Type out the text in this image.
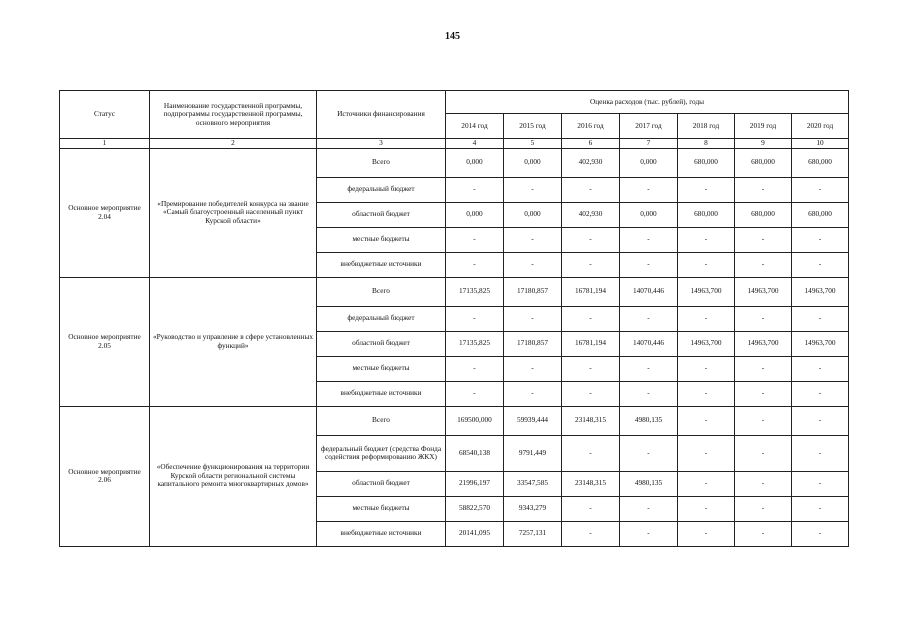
145
Статус	Наименование государственной программы, подпрограммы государственной программы, основного мероприятия	Источники финансирования	Оценка расходов (тыс. рублей), годы						
			2014 год	2015 год	2016 год	2017 год	2018 год	2019 год	2020 год
1	2	3	4	5	6	7	8	9	10
Основное мероприятие 2.04	«Премирование победителей конкурса на звание «Самый благоустроенный населенный пункт Курской области»	Всего	0,000	0,000	402,930	0,000	680,000	680,000	680,000
		федеральный бюджет	-	-	-	-	-	-	-
		областной бюджет	0,000	0,000	402,930	0,000	680,000	680,000	680,000
		местные бюджеты	-	-	-	-	-	-	-
		внебюджетные источники	-	-	-	-	-	-	-
Основное мероприятие 2.05	«Руководство и управление в сфере установленных функций»	Всего	17135,825	17180,857	16781,194	14070,446	14963,700	14963,700	14963,700
		федеральный бюджет	-	-	-	-	-	-	-
		областной бюджет	17135,825	17180,857	16781,194	14070,446	14963,700	14963,700	14963,700
		местные бюджеты	-	-	-	-	-	-	-
		внебюджетные источники	-	-	-	-	-	-	-
Основное мероприятие 2.06	«Обеспечение функционирования на территории Курской области региональной системы капитального ремонта многоквартирных домов»	Всего	169500,000	59939,444	23148,315	4980,135	-	-	-
		федеральный бюджет (средства Фонда содействия реформированию ЖКХ)	68540,138	9791,449	-	-	-	-	-
		областной бюджет	21996,197	33547,585	23148,315	4980,135	-	-	-
		местные бюджеты	58822,570	9343,279	-	-	-	-	-
		внебюджетные источники	20141,095	7257,131	-	-	-	-	-
